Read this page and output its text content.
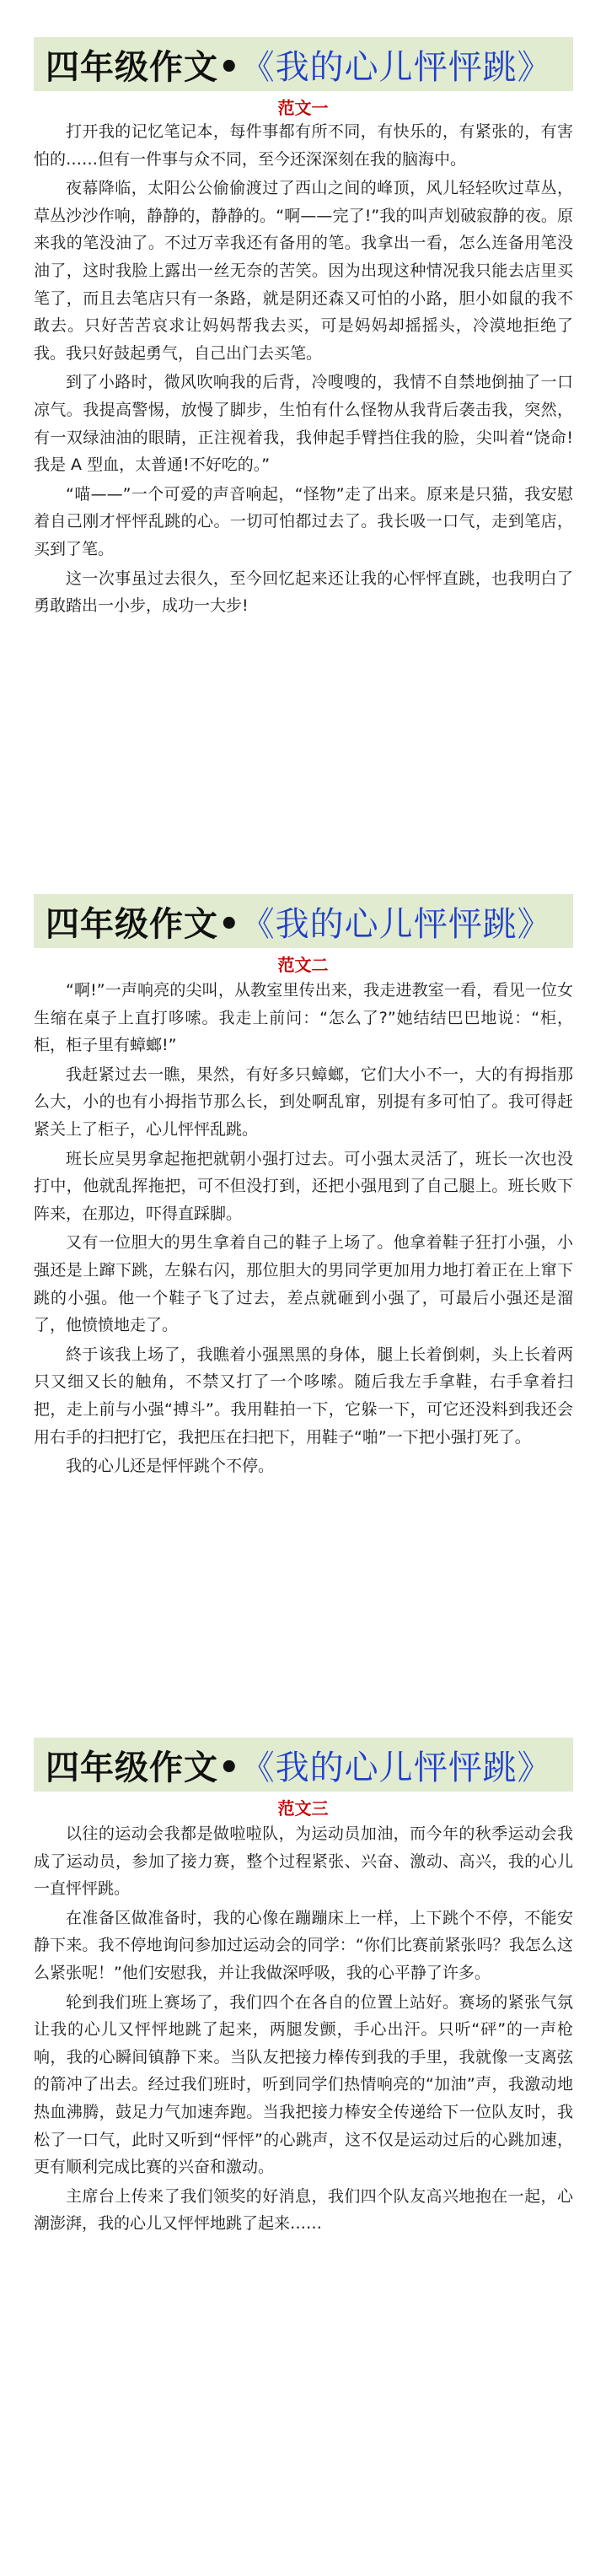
四年级作文• 《我的心儿怦怦跳》
范文一

打开我的记忆笔记本，每件事都有所不同，有快乐的，有紧张的，有害怕的……但有一件事与众不同，至今还深深刻在我的脑海中。

夜幕降临，太阳公公偷偷渡过了西山之间的峰顶，风儿轻轻吹过草丛，草丛沙沙作响，静静的，静静的。“啊——完了!”我的叫声划破寂静的夜。原来我的笔没油了。不过万幸我还有备用的笔。我拿出一看，怎么连备用笔没油了，这时我脸上露出一丝无奈的苦笑。因为出现这种情况我只能去店里买笔了，而且去笔店只有一条路，就是阴还森又可怕的小路，胆小如鼠的我不敢去。只好苦苦哀求让妈妈帮我去买，可是妈妈却摇摇头，冷漠地拒绝了我。我只好鼓起勇气，自己出门去买笔。

到了小路时，微风吹响我的后背，冷嗖嗖的，我情不自禁地倒抽了一口凉气。我提高警惕，放慢了脚步，生怕有什么怪物从我背后袭击我，突然，有一双绿油油的眼睛，正注视着我，我伸起手臂挡住我的脸，尖叫着“饶命!我是 A 型血，太普通!不好吃的。”

“喵——”一个可爱的声音响起，“怪物”走了出来。原来是只猫，我安慰着自己刚才怦怦乱跳的心。一切可怕都过去了。我长吸一口气，走到笔店，买到了笔。

这一次事虽过去很久，至今回忆起来还让我的心怦怦直跳，也我明白了勇敢踏出一小步，成功一大步!

四年级作文• 《我的心儿怦怦跳》
范文二

“啊!”一声响亮的尖叫，从教室里传出来，我走进教室一看，看见一位女生缩在桌子上直打哆嗦。我走上前问：“怎么了?”她结结巴巴地说：“柜，柜，柜子里有蟑螂!”

我赶紧过去一瞧，果然，有好多只蟑螂，它们大小不一，大的有拇指那么大，小的也有小拇指节那么长，到处啊乱窜，别提有多可怕了。我可得赶紧关上了柜子，心儿怦怦乱跳。

班长应昊男拿起拖把就朝小强打过去。可小强太灵活了，班长一次也没打中，他就乱挥拖把，可不但没打到，还把小强甩到了自己腿上。班长败下阵来，在那边，吓得直踩脚。

又有一位胆大的男生拿着自己的鞋子上场了。他拿着鞋子狂打小强，小强还是上蹿下跳，左躲右闪，那位胆大的男同学更加用力地打着正在上窜下跳的小强。他一个鞋子飞了过去，差点就砸到小强了，可最后小强还是溜了，他愤愤地走了。

終于该我上场了，我瞧着小强黑黑的身体，腿上长着倒刺，头上长着两只又细又长的触角，不禁又打了一个哆嗦。随后我左手拿鞋，右手拿着扫把，走上前与小强“搏斗”。我用鞋拍一下，它躲一下，可它还没料到我还会用右手的扫把打它，我把压在扫把下，用鞋子“啪”一下把小强打死了。

我的心儿还是怦怦跳个不停。

四年级作文• 《我的心儿怦怦跳》
范文三

以往的运动会我都是做啦啦队，为运动员加油，而今年的秋季运动会我成了运动员，参加了接力赛，整个过程紧张、兴奋、激动、高兴，我的心儿一直怦怦跳。

在准备区做准备时，我的心像在蹦蹦床上一样，上下跳个不停，不能安静下来。我不停地询问参加过运动会的同学：“你们比赛前紧张吗？我怎么这么紧张呢！”他们安慰我，并让我做深呼吸，我的心平静了许多。

轮到我们班上赛场了，我们四个在各自的位置上站好。赛场的紧张气氛让我的心儿又怦怦地跳了起来，两腿发颤，手心出汗。只听“砰”的一声枪响，我的心瞬间镇静下来。当队友把接力棒传到我的手里，我就像一支离弦的箭冲了出去。经过我们班时，听到同学们热情响亮的“加油”声，我激动地热血沸腾，鼓足力气加速奔跑。当我把接力棒安全传递给下一位队友时，我松了一口气，此时又听到“怦怦”的心跳声，这不仅是运动过后的心跳加速，更有顺利完成比赛的兴奋和激动。

主席台上传来了我们领奖的好消息，我们四个队友高兴地抱在一起，心潮澎湃，我的心儿又怦怦地跳了起来……
